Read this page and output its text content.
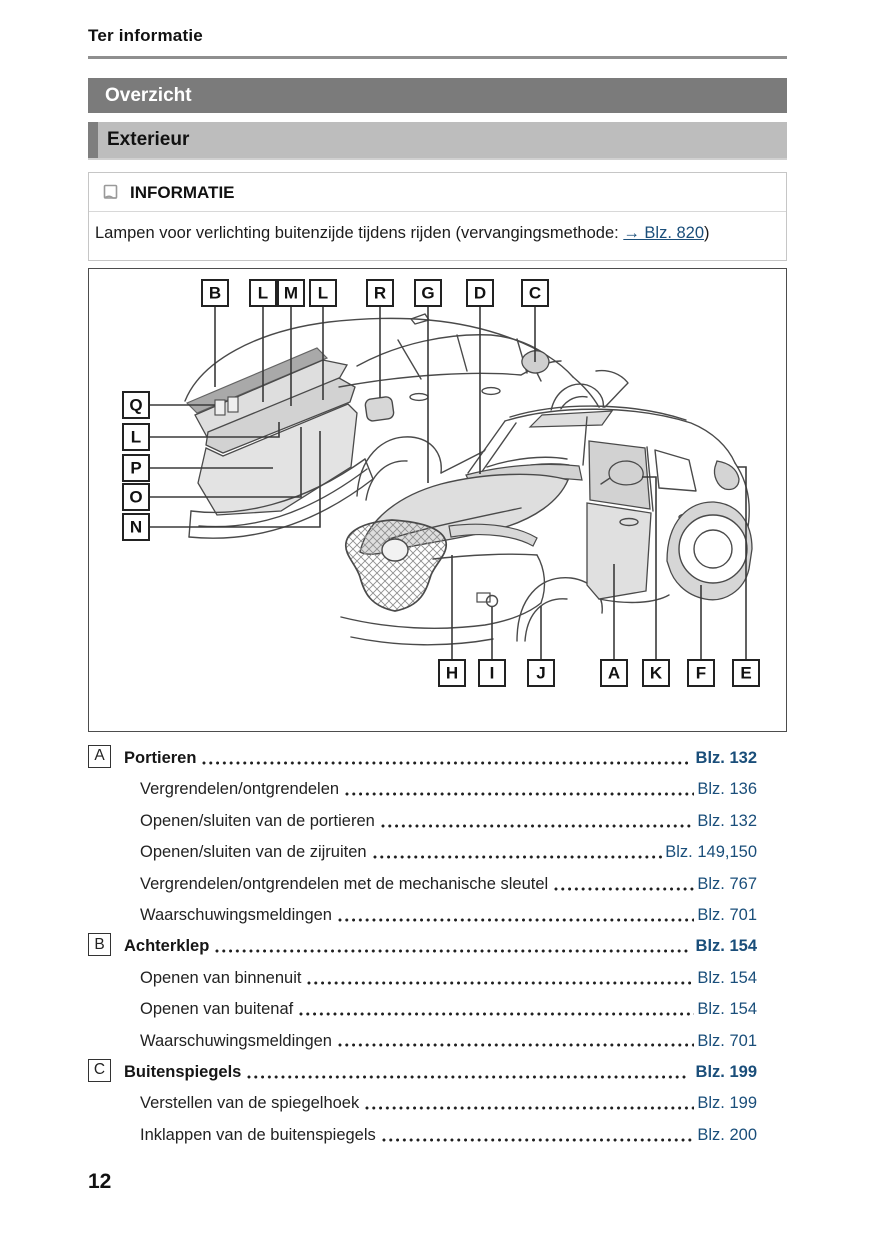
Ter informatie
Overzicht
Exterieur
INFORMATIE
Lampen voor verlichting buitenzijde tijdens rijden (vervangingsmethode: → Blz. 820)
B L M L	R G D	C
Q
L
P
O
N
H I J	A K F E
A	Portieren	Blz. 132
Vergrendelen/ontgrendelen	Blz. 136
Openen/sluiten van de portieren	Blz. 132
Openen/sluiten van de zijruiten	Blz. 149,150
Vergrendelen/ontgrendelen met de mechanische sleutel	Blz. 767
Waarschuwingsmeldingen	Blz. 701
B	Achterklep	Blz. 154
Openen van binnenuit	Blz. 154
Openen van buitenaf	Blz. 154
Waarschuwingsmeldingen	Blz. 701
C	Buitenspiegels	Blz. 199
Verstellen van de spiegelhoek	Blz. 199
Inklappen van de buitenspiegels	Blz. 200
12
